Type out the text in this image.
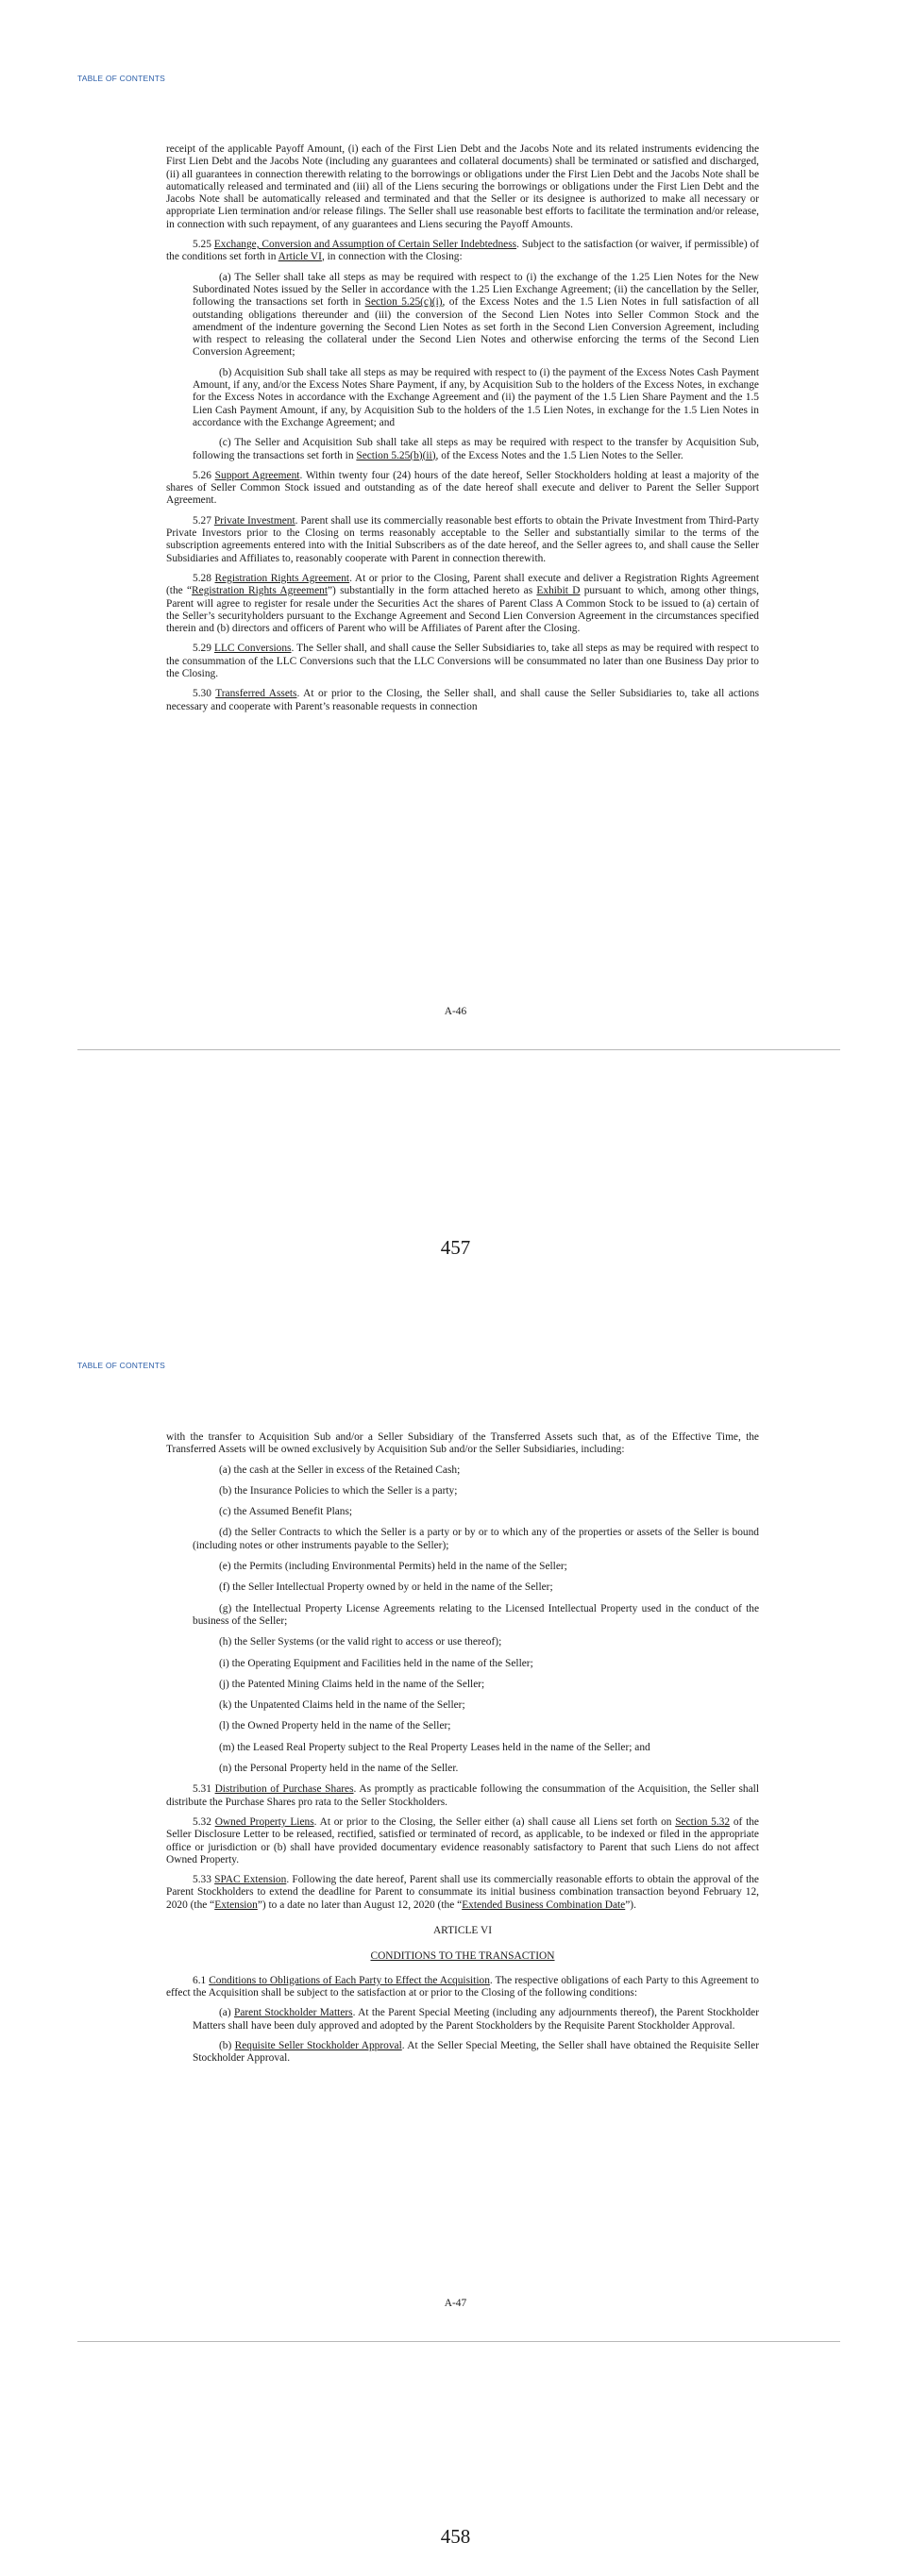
TABLE OF CONTENTS

receipt of the applicable Payoff Amount, (i) each of the First Lien Debt and the Jacobs Note and its related instruments evidencing the First Lien Debt and the Jacobs Note (including any guarantees and collateral documents) shall be terminated or satisfied and discharged, (ii) all guarantees in connection therewith relating to the borrowings or obligations under the First Lien Debt and the Jacobs Note shall be automatically released and terminated and (iii) all of the Liens securing the borrowings or obligations under the First Lien Debt and the Jacobs Note shall be automatically released and terminated and that the Seller or its designee is authorized to make all necessary or appropriate Lien termination and/or release filings. The Seller shall use reasonable best efforts to facilitate the termination and/or release, in connection with such repayment, of any guarantees and Liens securing the Payoff Amounts.

5.25 Exchange, Conversion and Assumption of Certain Seller Indebtedness. Subject to the satisfaction (or waiver, if permissible) of the conditions set forth in Article VI, in connection with the Closing:

(a) The Seller shall take all steps as may be required with respect to (i) the exchange of the 1.25 Lien Notes for the New Subordinated Notes issued by the Seller in accordance with the 1.25 Lien Exchange Agreement; (ii) the cancellation by the Seller, following the transactions set forth in Section 5.25(c)(i), of the Excess Notes and the 1.5 Lien Notes in full satisfaction of all outstanding obligations thereunder and (iii) the conversion of the Second Lien Notes into Seller Common Stock and the amendment of the indenture governing the Second Lien Notes as set forth in the Second Lien Conversion Agreement, including with respect to releasing the collateral under the Second Lien Notes and otherwise enforcing the terms of the Second Lien Conversion Agreement;

(b) Acquisition Sub shall take all steps as may be required with respect to (i) the payment of the Excess Notes Cash Payment Amount, if any, and/or the Excess Notes Share Payment, if any, by Acquisition Sub to the holders of the Excess Notes, in exchange for the Excess Notes in accordance with the Exchange Agreement and (ii) the payment of the 1.5 Lien Share Payment and the 1.5 Lien Cash Payment Amount, if any, by Acquisition Sub to the holders of the 1.5 Lien Notes, in exchange for the 1.5 Lien Notes in accordance with the Exchange Agreement; and

(c) The Seller and Acquisition Sub shall take all steps as may be required with respect to the transfer by Acquisition Sub, following the transactions set forth in Section 5.25(b)(ii), of the Excess Notes and the 1.5 Lien Notes to the Seller.

5.26 Support Agreement. Within twenty four (24) hours of the date hereof, Seller Stockholders holding at least a majority of the shares of Seller Common Stock issued and outstanding as of the date hereof shall execute and deliver to Parent the Seller Support Agreement.

5.27 Private Investment. Parent shall use its commercially reasonable best efforts to obtain the Private Investment from Third-Party Private Investors prior to the Closing on terms reasonably acceptable to the Seller and substantially similar to the terms of the subscription agreements entered into with the Initial Subscribers as of the date hereof, and the Seller agrees to, and shall cause the Seller Subsidiaries and Affiliates to, reasonably cooperate with Parent in connection therewith.

5.28 Registration Rights Agreement. At or prior to the Closing, Parent shall execute and deliver a Registration Rights Agreement (the “Registration Rights Agreement”) substantially in the form attached hereto as Exhibit D pursuant to which, among other things, Parent will agree to register for resale under the Securities Act the shares of Parent Class A Common Stock to be issued to (a) certain of the Seller’s securityholders pursuant to the Exchange Agreement and Second Lien Conversion Agreement in the circumstances specified therein and (b) directors and officers of Parent who will be Affiliates of Parent after the Closing.

5.29 LLC Conversions. The Seller shall, and shall cause the Seller Subsidiaries to, take all steps as may be required with respect to the consummation of the LLC Conversions such that the LLC Conversions will be consummated no later than one Business Day prior to the Closing.

5.30 Transferred Assets. At or prior to the Closing, the Seller shall, and shall cause the Seller Subsidiaries to, take all actions necessary and cooperate with Parent’s reasonable requests in connection

A-46
457
TABLE OF CONTENTS

with the transfer to Acquisition Sub and/or a Seller Subsidiary of the Transferred Assets such that, as of the Effective Time, the Transferred Assets will be owned exclusively by Acquisition Sub and/or the Seller Subsidiaries, including:

(a) the cash at the Seller in excess of the Retained Cash;

(b) the Insurance Policies to which the Seller is a party;

(c) the Assumed Benefit Plans;

(d) the Seller Contracts to which the Seller is a party or by or to which any of the properties or assets of the Seller is bound (including notes or other instruments payable to the Seller);

(e) the Permits (including Environmental Permits) held in the name of the Seller;

(f) the Seller Intellectual Property owned by or held in the name of the Seller;

(g) the Intellectual Property License Agreements relating to the Licensed Intellectual Property used in the conduct of the business of the Seller;

(h) the Seller Systems (or the valid right to access or use thereof);

(i) the Operating Equipment and Facilities held in the name of the Seller;

(j) the Patented Mining Claims held in the name of the Seller;

(k) the Unpatented Claims held in the name of the Seller;

(l) the Owned Property held in the name of the Seller;

(m) the Leased Real Property subject to the Real Property Leases held in the name of the Seller; and

(n) the Personal Property held in the name of the Seller.

5.31 Distribution of Purchase Shares. As promptly as practicable following the consummation of the Acquisition, the Seller shall distribute the Purchase Shares pro rata to the Seller Stockholders.

5.32 Owned Property Liens. At or prior to the Closing, the Seller either (a) shall cause all Liens set forth on Section 5.32 of the Seller Disclosure Letter to be released, rectified, satisfied or terminated of record, as applicable, to be indexed or filed in the appropriate office or jurisdiction or (b) shall have provided documentary evidence reasonably satisfactory to Parent that such Liens do not affect Owned Property.

5.33 SPAC Extension. Following the date hereof, Parent shall use its commercially reasonable efforts to obtain the approval of the Parent Stockholders to extend the deadline for Parent to consummate its initial business combination transaction beyond February 12, 2020 (the “Extension”) to a date no later than August 12, 2020 (the “Extended Business Combination Date”).

ARTICLE VI

CONDITIONS TO THE TRANSACTION

6.1 Conditions to Obligations of Each Party to Effect the Acquisition. The respective obligations of each Party to this Agreement to effect the Acquisition shall be subject to the satisfaction at or prior to the Closing of the following conditions:

(a) Parent Stockholder Matters. At the Parent Special Meeting (including any adjournments thereof), the Parent Stockholder Matters shall have been duly approved and adopted by the Parent Stockholders by the Requisite Parent Stockholder Approval.

(b) Requisite Seller Stockholder Approval. At the Seller Special Meeting, the Seller shall have obtained the Requisite Seller Stockholder Approval.

A-47
458
